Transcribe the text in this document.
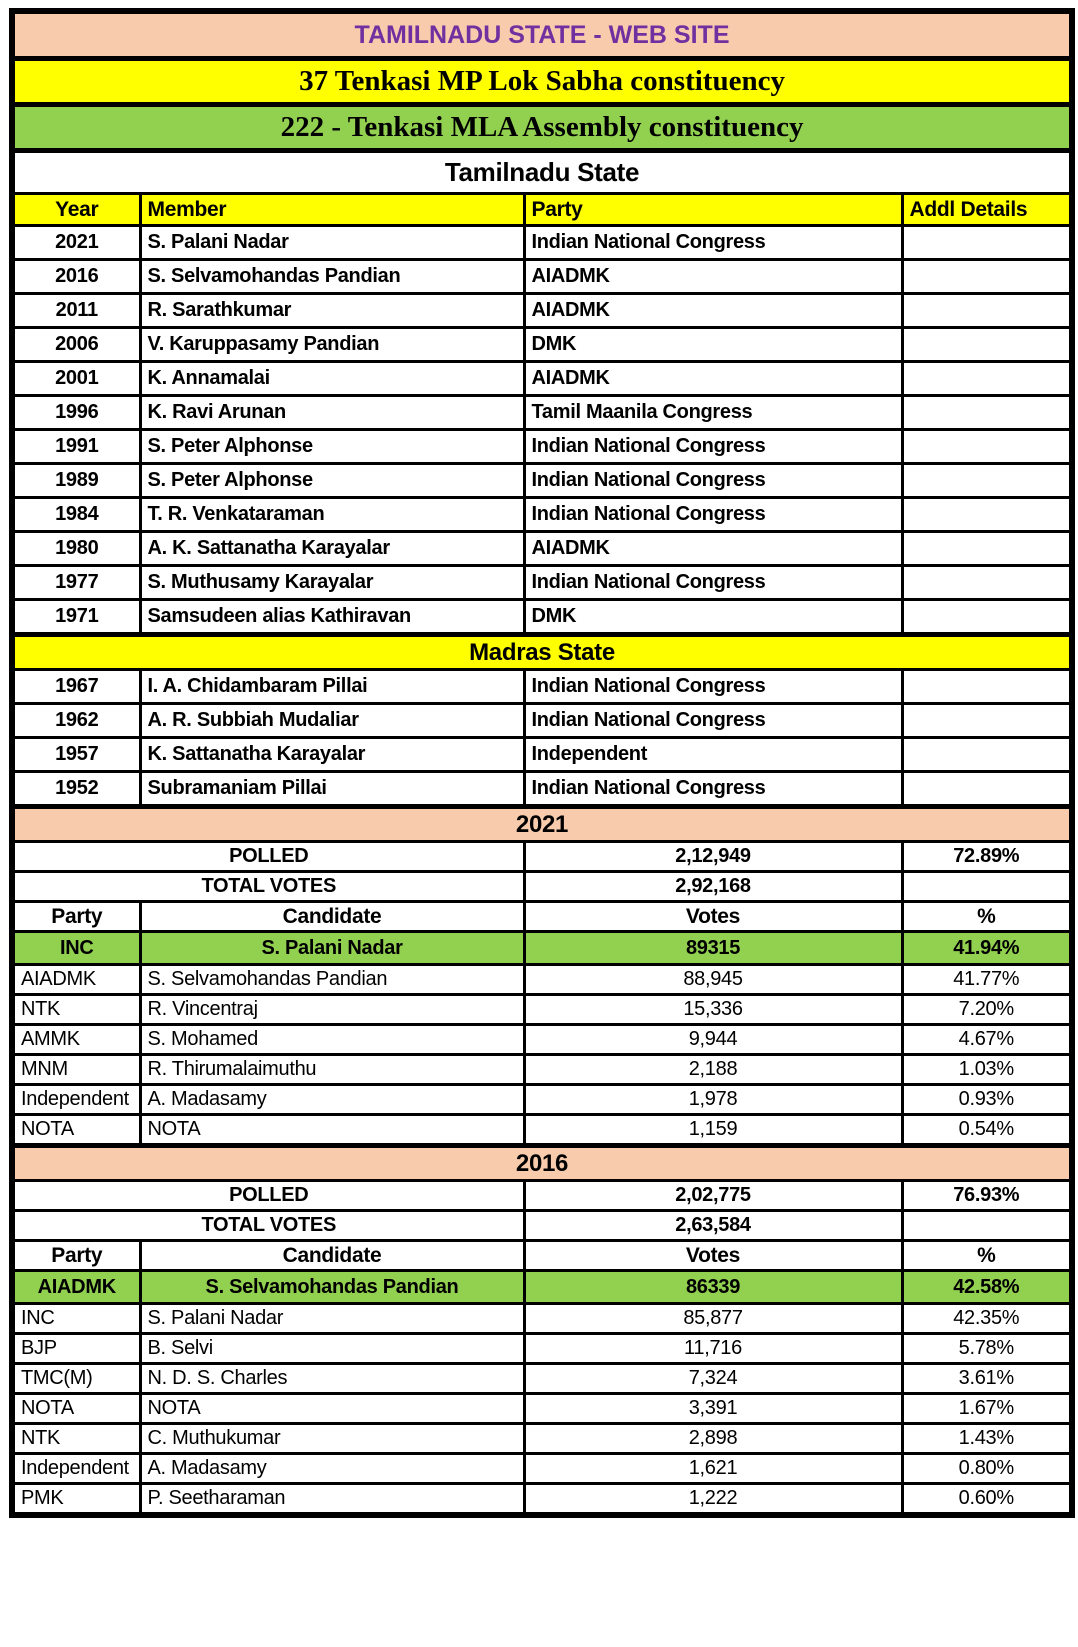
TAMILNADU STATE - WEB SITE			
37 Tenkasi MP Lok Sabha constituency			
222 - Tenkasi MLA Assembly constituency			
Tamilnadu State			
Year	Member	Party	Addl Details
2021	S. Palani Nadar	Indian National Congress	
2016	S. Selvamohandas Pandian	AIADMK	
2011	R. Sarathkumar	AIADMK	
2006	V. Karuppasamy Pandian	DMK	
2001	K. Annamalai	AIADMK	
1996	K. Ravi Arunan	Tamil Maanila Congress	
1991	S. Peter Alphonse	Indian National Congress	
1989	S. Peter Alphonse	Indian National Congress	
1984	T. R. Venkataraman	Indian National Congress	
1980	A. K. Sattanatha Karayalar	AIADMK	
1977	S. Muthusamy Karayalar	Indian National Congress	
1971	Samsudeen alias Kathiravan	DMK	
Madras State			
1967	I. A. Chidambaram Pillai	Indian National Congress	
1962	A. R. Subbiah Mudaliar	Indian National Congress	
1957	K. Sattanatha Karayalar	Independent	
1952	Subramaniam Pillai	Indian National Congress	
2021			
POLLED		2,12,949	72.89%
TOTAL VOTES		2,92,168	
Party	Candidate	Votes	%
INC	S. Palani Nadar	89315	41.94%
AIADMK	S. Selvamohandas Pandian	88,945	41.77%
NTK	R. Vincentraj	15,336	7.20%
AMMK	S. Mohamed	9,944	4.67%
MNM	R. Thirumalaimuthu	2,188	1.03%
Independent	A. Madasamy	1,978	0.93%
NOTA	NOTA	1,159	0.54%
2016			
POLLED		2,02,775	76.93%
TOTAL VOTES		2,63,584	
Party	Candidate	Votes	%
AIADMK	S. Selvamohandas Pandian	86339	42.58%
INC	S. Palani Nadar	85,877	42.35%
BJP	B. Selvi	11,716	5.78%
TMC(M)	N. D. S. Charles	7,324	3.61%
NOTA	NOTA	3,391	1.67%
NTK	C. Muthukumar	2,898	1.43%
Independent	A. Madasamy	1,621	0.80%
PMK	P. Seetharaman	1,222	0.60%
